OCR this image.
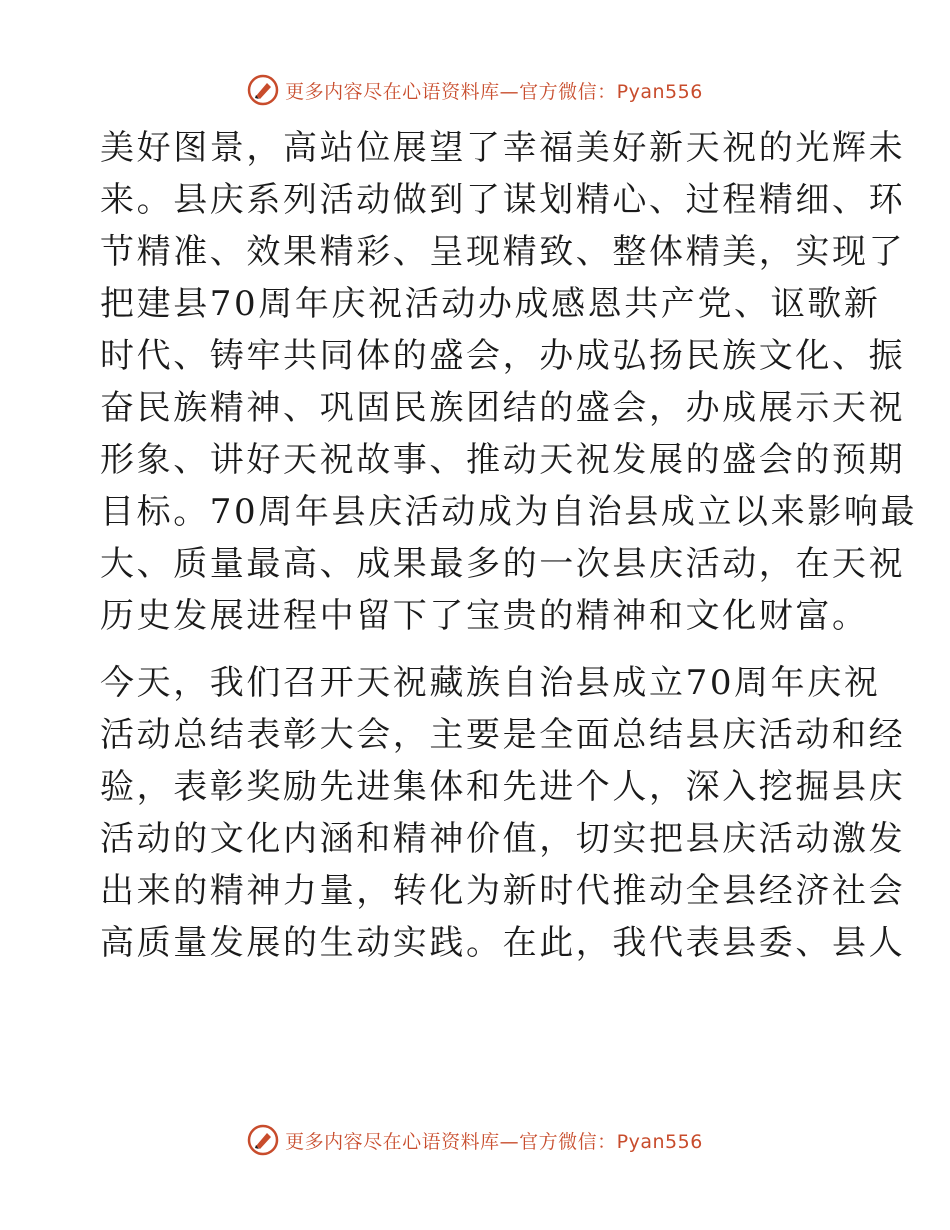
更多内容尽在心语资料库—官方微信：Pyan556
美好图景，高站位展望了幸福美好新天祝的光辉未
来。县庆系列活动做到了谋划精心、过程精细、环
节精准、效果精彩、呈现精致、整体精美，实现了
把建县70周年庆祝活动办成感恩共产党、讴歌新
时代、铸牢共同体的盛会，办成弘扬民族文化、振
奋民族精神、巩固民族团结的盛会，办成展示天祝
形象、讲好天祝故事、推动天祝发展的盛会的预期
目标。70周年县庆活动成为自治县成立以来影响最
大、质量最高、成果最多的一次县庆活动，在天祝
历史发展进程中留下了宝贵的精神和文化财富。
今天，我们召开天祝藏族自治县成立70周年庆祝
活动总结表彰大会，主要是全面总结县庆活动和经
验，表彰奖励先进集体和先进个人，深入挖掘县庆
活动的文化内涵和精神价值，切实把县庆活动激发
出来的精神力量，转化为新时代推动全县经济社会
高质量发展的生动实践。在此，我代表县委、县人
更多内容尽在心语资料库—官方微信：Pyan556
